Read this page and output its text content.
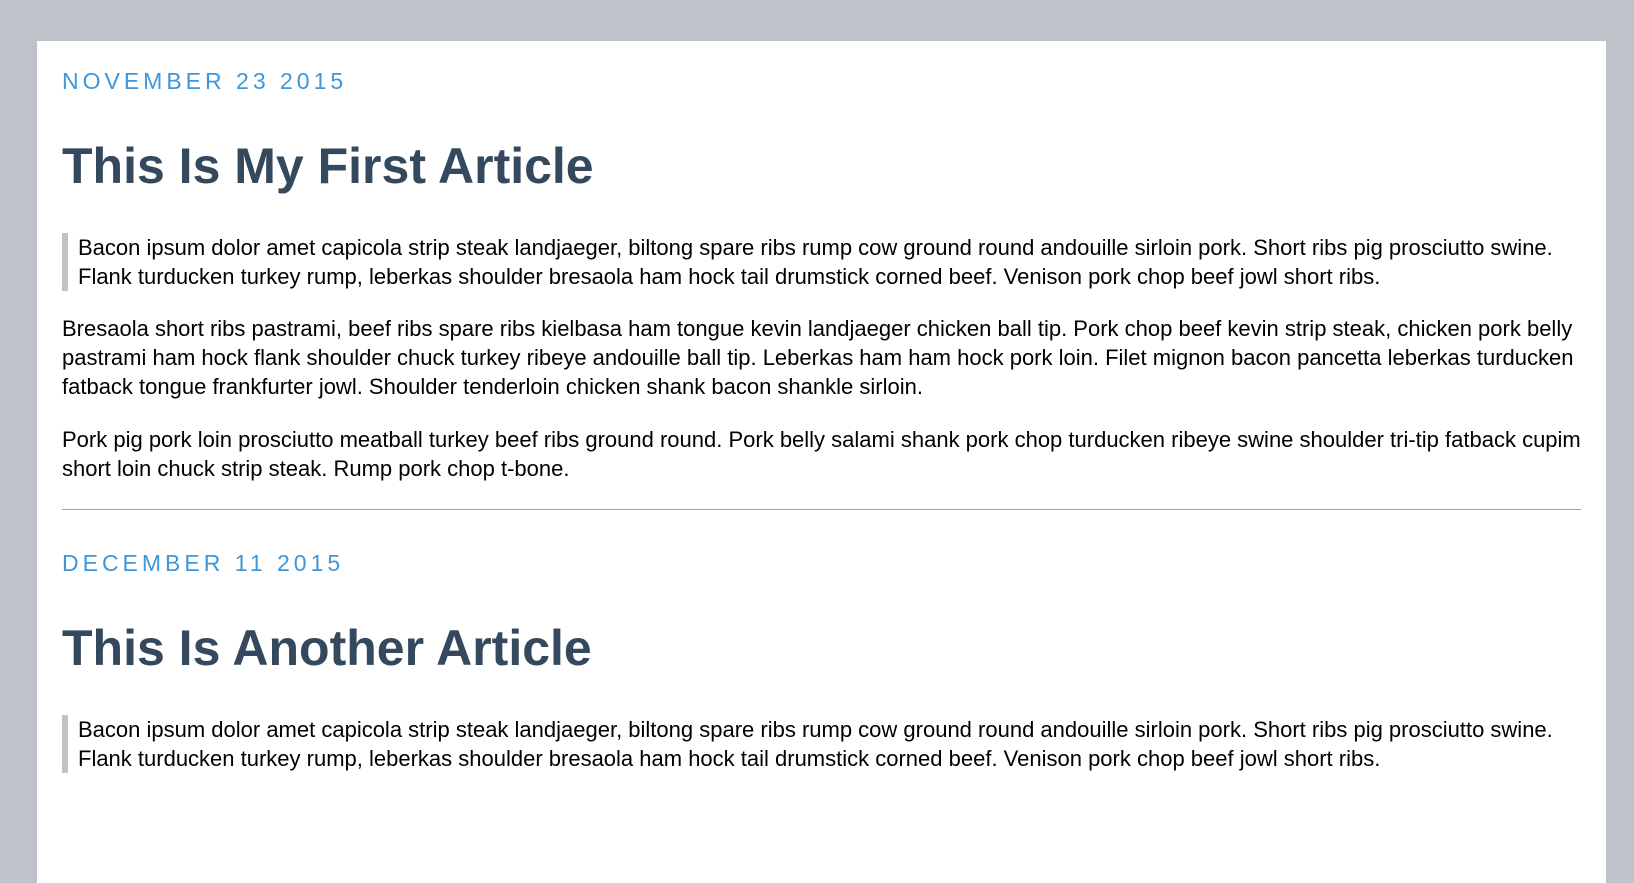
NOVEMBER 23 2015
This Is My First Article
Bacon ipsum dolor amet capicola strip steak landjaeger, biltong spare ribs rump cow ground round andouille sirloin pork. Short ribs pig prosciutto swine. Flank turducken turkey rump, leberkas shoulder bresaola ham hock tail drumstick corned beef. Venison pork chop beef jowl short ribs.

Bresaola short ribs pastrami, beef ribs spare ribs kielbasa ham tongue kevin landjaeger chicken ball tip. Pork chop beef kevin strip steak, chicken pork belly pastrami ham hock flank shoulder chuck turkey ribeye andouille ball tip. Leberkas ham ham hock pork loin. Filet mignon bacon pancetta leberkas turducken fatback tongue frankfurter jowl. Shoulder tenderloin chicken shank bacon shankle sirloin.

Pork pig pork loin prosciutto meatball turkey beef ribs ground round. Pork belly salami shank pork chop turducken ribeye swine shoulder tri-tip fatback cupim short loin chuck strip steak. Rump pork chop t-bone.

DECEMBER 11 2015
This Is Another Article
Bacon ipsum dolor amet capicola strip steak landjaeger, biltong spare ribs rump cow ground round andouille sirloin pork. Short ribs pig prosciutto swine. Flank turducken turkey rump, leberkas shoulder bresaola ham hock tail drumstick corned beef. Venison pork chop beef jowl short ribs.
